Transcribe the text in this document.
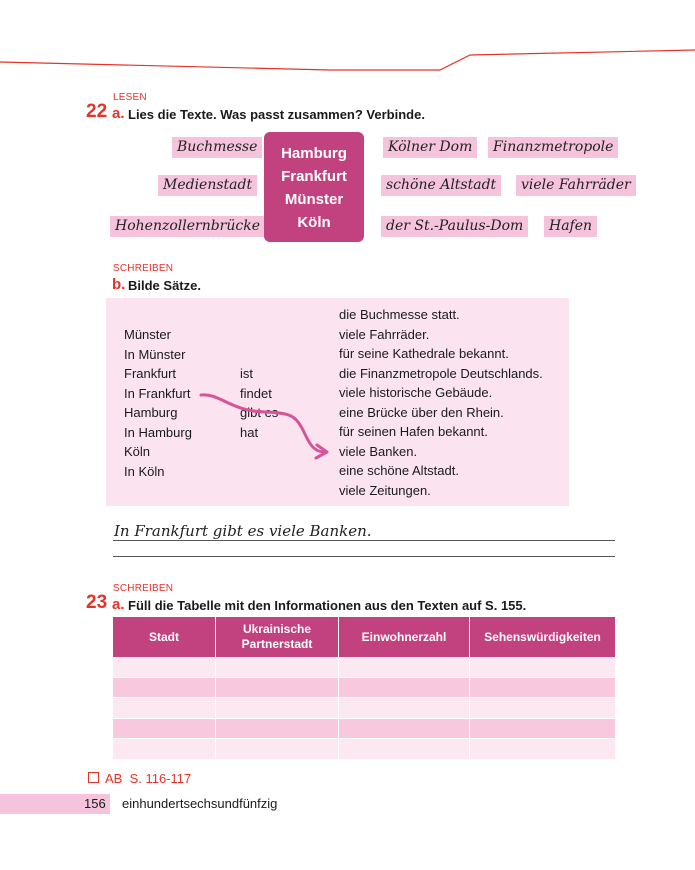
LESEN
22 a. Lies die Texte. Was passt zusammen? Verbinde.
Buchmesse
Medienstadt
Hohenzollernbrücke
Hamburg
Frankfurt
Münster
Köln
Kölner Dom
schöne Altstadt
der St.-Paulus-Dom
Finanzmetropole
viele Fahrräder
Hafen
SCHREIBEN
b. Bilde Sätze.
Münster
In Münster
Frankfurt
In Frankfurt
Hamburg
In Hamburg
Köln
In Köln
ist
findet
gibt es
hat
die Buchmesse statt.
viele Fahrräder.
für seine Kathedrale bekannt.
die Finanzmetropole Deutschlands.
viele historische Gebäude.
eine Brücke über den Rhein.
für seinen Hafen bekannt.
viele Banken.
eine schöne Altstadt.
viele Zeitungen.
In Frankfurt gibt es viele Banken.
SCHREIBEN
23 a. Füll die Tabelle mit den Informationen aus den Texten auf S. 155.
Stadt	Ukrainische Partnerstadt	Einwohnerzahl	Sehenswürdigkeiten

AB  S. 116-117
156 einhundertsechsundfünfzig
